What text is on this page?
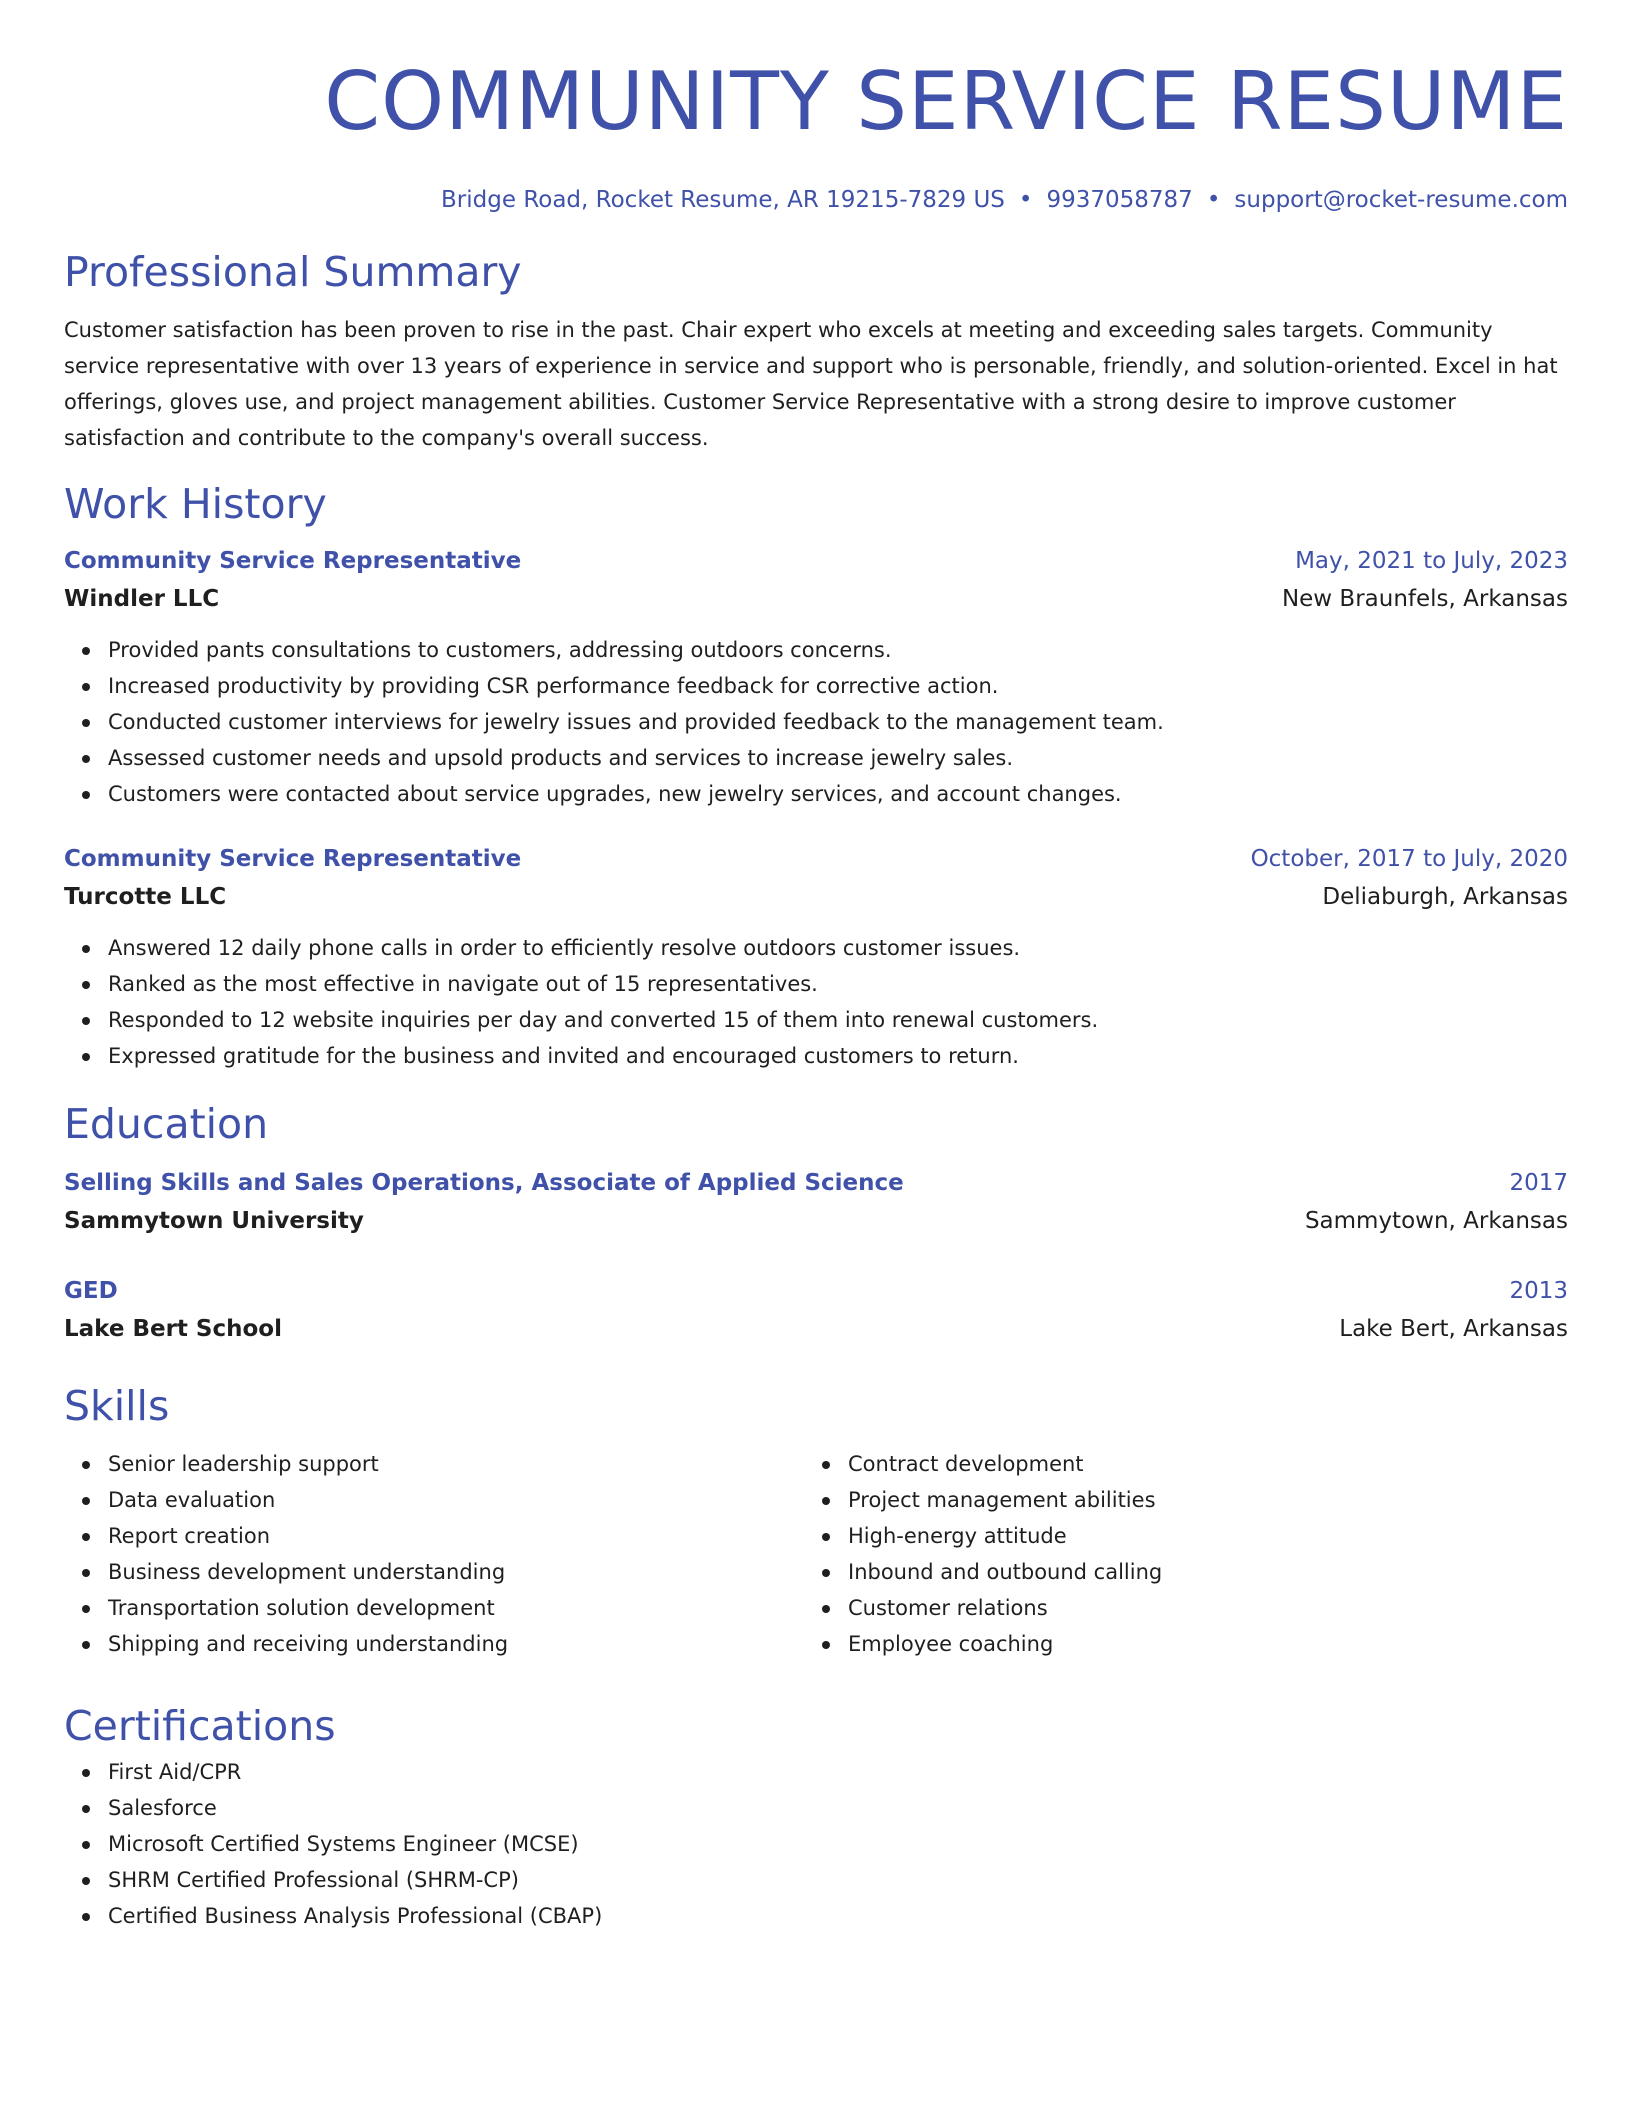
COMMUNITY SERVICE RESUME
Bridge Road, Rocket Resume, AR 19215-7829 US • 9937058787 • support@rocket-resume.com
Professional Summary
Customer satisfaction has been proven to rise in the past. Chair expert who excels at meeting and exceeding sales targets. Community service representative with over 13 years of experience in service and support who is personable, friendly, and solution-oriented. Excel in hat offerings, gloves use, and project management abilities. Customer Service Representative with a strong desire to improve customer satisfaction and contribute to the company's overall success.
Work History
Community Service Representative	May, 2021 to July, 2023
Windler LLC	New Braunfels, Arkansas
Provided pants consultations to customers, addressing outdoors concerns.
Increased productivity by providing CSR performance feedback for corrective action.
Conducted customer interviews for jewelry issues and provided feedback to the management team.
Assessed customer needs and upsold products and services to increase jewelry sales.
Customers were contacted about service upgrades, new jewelry services, and account changes.
Community Service Representative	October, 2017 to July, 2020
Turcotte LLC	Deliaburgh, Arkansas
Answered 12 daily phone calls in order to efficiently resolve outdoors customer issues.
Ranked as the most effective in navigate out of 15 representatives.
Responded to 12 website inquiries per day and converted 15 of them into renewal customers.
Expressed gratitude for the business and invited and encouraged customers to return.
Education
Selling Skills and Sales Operations, Associate of Applied Science	2017
Sammytown University	Sammytown, Arkansas
GED	2013
Lake Bert School	Lake Bert, Arkansas
Skills
Senior leadership support
Data evaluation
Report creation
Business development understanding
Transportation solution development
Shipping and receiving understanding
Contract development
Project management abilities
High-energy attitude
Inbound and outbound calling
Customer relations
Employee coaching
Certifications
First Aid/CPR
Salesforce
Microsoft Certified Systems Engineer (MCSE)
SHRM Certified Professional (SHRM-CP)
Certified Business Analysis Professional (CBAP)
